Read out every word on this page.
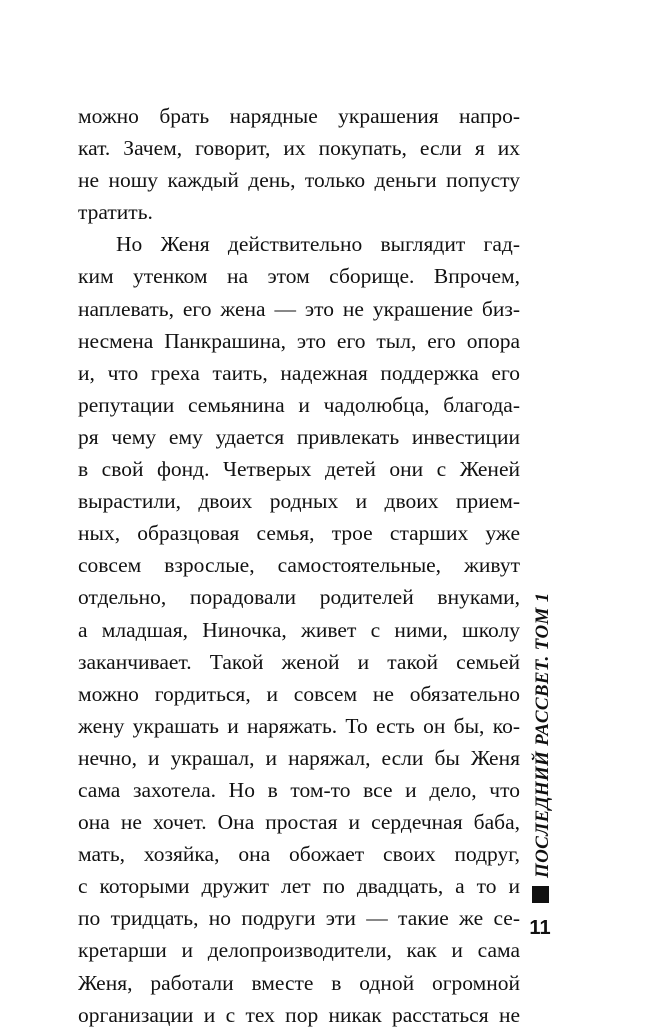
можно брать нарядные украшения напро-
кат. Зачем, говорит, их покупать, если я их
не ношу каждый день, только деньги попусту
тратить.
Но Женя действительно выглядит гад-
ким утенком на этом сборище. Впрочем,
наплевать, его жена — это не украшение биз-
несмена Панкрашина, это его тыл, его опора
и, что греха таить, надежная поддержка его
репутации семьянина и чадолюбца, благода-
ря чему ему удается привлекать инвестиции
в свой фонд. Четверых детей они с Женей
вырастили, двоих родных и двоих прием-
ных, образцовая семья, трое старших уже
совсем взрослые, самостоятельные, живут
отдельно, порадовали родителей внуками,
а младшая, Ниночка, живет с ними, школу
заканчивает. Такой женой и такой семьей
можно гордиться, и совсем не обязательно
жену украшать и наряжать. То есть он бы, ко-
нечно, и украшал, и наряжал, если бы Женя
сама захотела. Но в том-то все и дело, что
она не хочет. Она простая и сердечная баба,
мать, хозяйка, она обожает своих подруг,
с которыми дружит лет по двадцать, а то и
по тридцать, но подруги эти — такие же се-
кретарши и делопроизводители, как и сама
Женя, работали вместе в одной огромной
организации и с тех пор никак расстаться не
ПОСЛЕДНИЙ РАССВЕТ. ТОМ 1
11
